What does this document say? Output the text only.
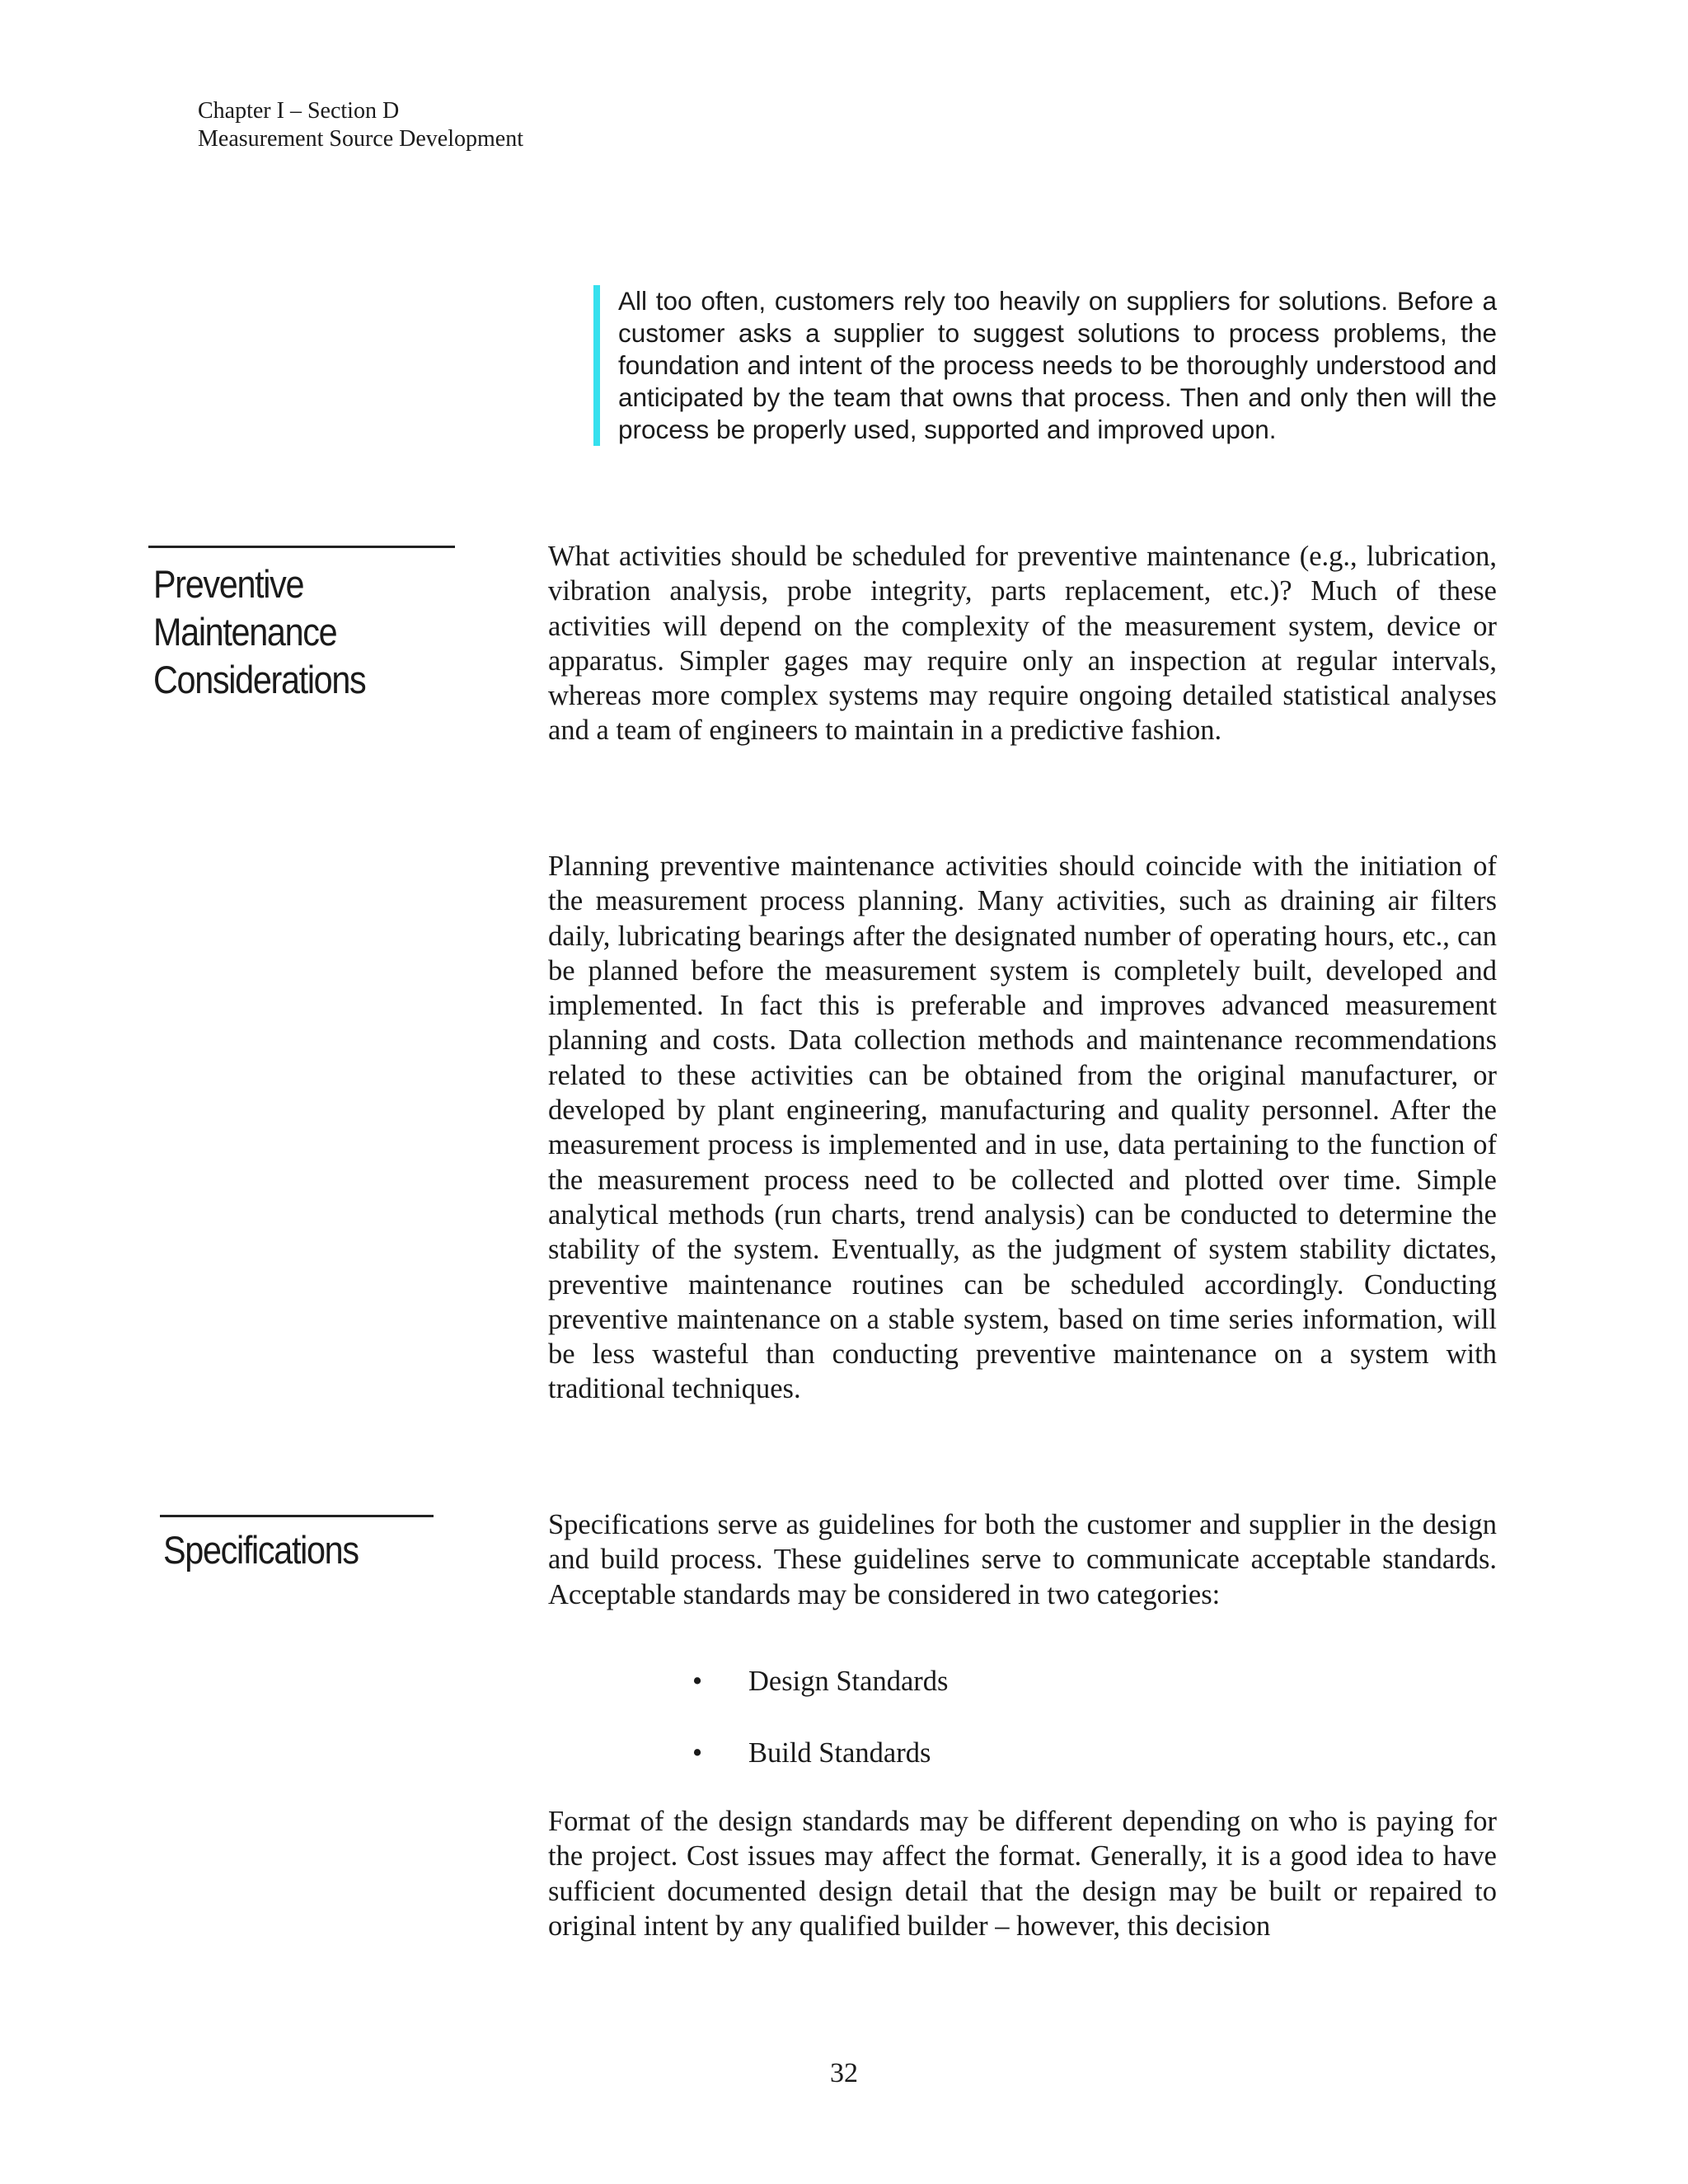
Chapter I – Section D
Measurement Source Development
All too often, customers rely too heavily on suppliers for solutions. Before a customer asks a supplier to suggest solutions to process problems, the foundation and intent of the process needs to be thoroughly understood and anticipated by the team that owns that process. Then and only then will the process be properly used, supported and improved upon.
Preventive
Maintenance
Considerations

What activities should be scheduled for preventive maintenance (e.g., lubrication, vibration analysis, probe integrity, parts replacement, etc.)? Much of these activities will depend on the complexity of the measurement system, device or apparatus. Simpler gages may require only an inspection at regular intervals, whereas more complex systems may require ongoing detailed statistical analyses and a team of engineers to maintain in a predictive fashion.

Planning preventive maintenance activities should coincide with the initiation of the measurement process planning. Many activities, such as draining air filters daily, lubricating bearings after the designated number of operating hours, etc., can be planned before the measurement system is completely built, developed and implemented. In fact this is preferable and improves advanced measurement planning and costs. Data collection methods and maintenance recommendations related to these activities can be obtained from the original manufacturer, or developed by plant engineering, manufacturing and quality personnel. After the measurement process is implemented and in use, data pertaining to the function of the measurement process need to be collected and plotted over time. Simple analytical methods (run charts, trend analysis) can be conducted to determine the stability of the system. Eventually, as the judgment of system stability dictates, preventive maintenance routines can be scheduled accordingly. Conducting preventive maintenance on a stable system, based on time series information, will be less wasteful than conducting preventive maintenance on a system with traditional techniques.

Specifications

Specifications serve as guidelines for both the customer and supplier in the design and build process. These guidelines serve to communicate acceptable standards. Acceptable standards may be considered in two categories:

• Design Standards
• Build Standards

Format of the design standards may be different depending on who is paying for the project. Cost issues may affect the format. Generally, it is a good idea to have sufficient documented design detail that the design may be built or repaired to original intent by any qualified builder – however, this decision

32
